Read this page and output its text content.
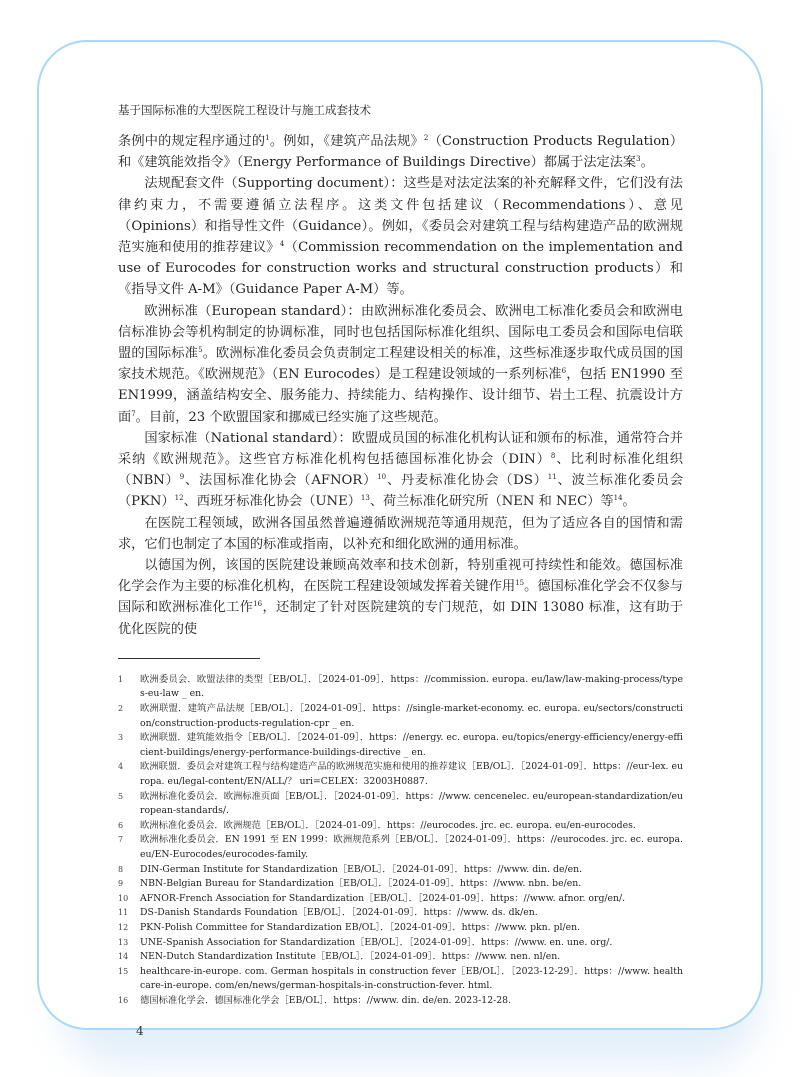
基于国际标准的大型医院工程设计与施工成套技术

条例中的规定程序通过的$^1$。例如，《建筑产品法规》$^2$（Construction Products Regulation）和《建筑能效指令》（Energy Performance of Buildings Directive）都属于法定法案$^3$。

法规配套文件（Supporting document）：这些是对法定法案的补充解释文件，它们没有法律约束力，不需要遵循立法程序。这类文件包括建议（Recommendations）、意见（Opinions）和指导性文件（Guidance）。例如，《委员会对建筑工程与结构建造产品的欧洲规范实施和使用的推荐建议》$^4$（Commission recommendation on the implementation and use of Eurocodes for construction works and structural construction products）和《指导文件 A-M》（Guidance Paper A-M）等。

欧洲标准（European standard）：由欧洲标准化委员会、欧洲电工标准化委员会和欧洲电信标准协会等机构制定的协调标准，同时也包括国际标准化组织、国际电工委员会和国际电信联盟的国际标准$^5$。欧洲标准化委员会负责制定工程建设相关的标准，这些标准逐步取代成员国的国家技术规范。《欧洲规范》（EN Eurocodes）是工程建设领域的一系列标准$^6$，包括 EN1990 至 EN1999，涵盖结构安全、服务能力、持续能力、结构操作、设计细节、岩土工程、抗震设计方面$^7$。目前，23 个欧盟国家和挪威已经实施了这些规范。

国家标准（National standard）：欧盟成员国的标准化机构认证和颁布的标准，通常符合并采纳《欧洲规范》。这些官方标准化机构包括德国标准化协会（DIN）$^8$、比利时标准化组织（NBN）$^9$、法国标准化协会（AFNOR）$^{10}$、丹麦标准化协会（DS）$^{11}$、波兰标准化委员会（PKN）$^{12}$、西班牙标准化协会（UNE）$^{13}$、荷兰标准化研究所（NEN 和 NEC）等$^{14}$。

在医院工程领域，欧洲各国虽然普遍遵循欧洲规范等通用规范，但为了适应各自的国情和需求，它们也制定了本国的标准或指南，以补充和细化欧洲的通用标准。

以德国为例，该国的医院建设兼顾高效率和技术创新，特别重视可持续性和能效。德国标准化学会作为主要的标准化机构，在医院工程建设领域发挥着关键作用$^{15}$。德国标准化学会不仅参与国际和欧洲标准化工作$^{16}$，还制定了针对医院建筑的专门规范，如 DIN 13080 标准，这有助于优化医院的使

1	欧洲委员会．欧盟法律的类型［EB/OL］．［2024-01-09］．https：//commission. europa. eu/law/law-making-process/types-eu-law _ en.
2	欧洲联盟．建筑产品法规［EB/OL］．［2024-01-09］．https：//single-market-economy. ec. europa. eu/sectors/construction/construction-products-regulation-cpr _ en.
3	欧洲联盟．建筑能效指令［EB/OL］．［2024-01-09］．https：//energy. ec. europa. eu/topics/energy-efficiency/energy-efficient-buildings/energy-performance-buildings-directive _ en.
4	欧洲联盟．委员会对建筑工程与结构建造产品的欧洲规范实施和使用的推荐建议［EB/OL］．［2024-01-09］．https：//eur-lex. europa. eu/legal-content/EN/ALL/？ uri=CELEX：32003H0887.
5	欧洲标准化委员会．欧洲标准页面［EB/OL］．［2024-01-09］．https：//www. cencenelec. eu/european-standardization/european-standards/.
6	欧洲标准化委员会．欧洲规范［EB/OL］．［2024-01-09］．https：//eurocodes. jrc. ec. europa. eu/en-eurocodes.
7	欧洲标准化委员会．EN 1991 至 EN 1999：欧洲规范系列［EB/OL］．［2024-01-09］．https：//eurocodes. jrc. ec. europa. eu/EN-Eurocodes/eurocodes-family.
8	DIN-German Institute for Standardization［EB/OL］．［2024-01-09］．https：//www. din. de/en.
9	NBN-Belgian Bureau for Standardization［EB/OL］．［2024-01-09］．https：//www. nbn. be/en.
10	AFNOR-French Association for Standardization［EB/OL］．［2024-01-09］．https：//www. afnor. org/en/.
11	DS-Danish Standards Foundation［EB/OL］．［2024-01-09］．https：//www. ds. dk/en.
12	PKN-Polish Committee for Standardization EB/OL］．［2024-01-09］．https：//www. pkn. pl/en.
13	UNE-Spanish Association for Standardization［EB/OL］．［2024-01-09］．https：//www. en. une. org/.
14	NEN-Dutch Standardization Institute［EB/OL］．［2024-01-09］．https：//www. nen. nl/en.
15	healthcare-in-europe. com. German hospitals in construction fever［EB/OL］．［2023-12-29］．https：//www. healthcare-in-europe. com/en/news/german-hospitals-in-construction-fever. html.
16	德国标准化学会．德国标准化学会［EB/OL］．https：//www. din. de/en. 2023-12-28.
4
